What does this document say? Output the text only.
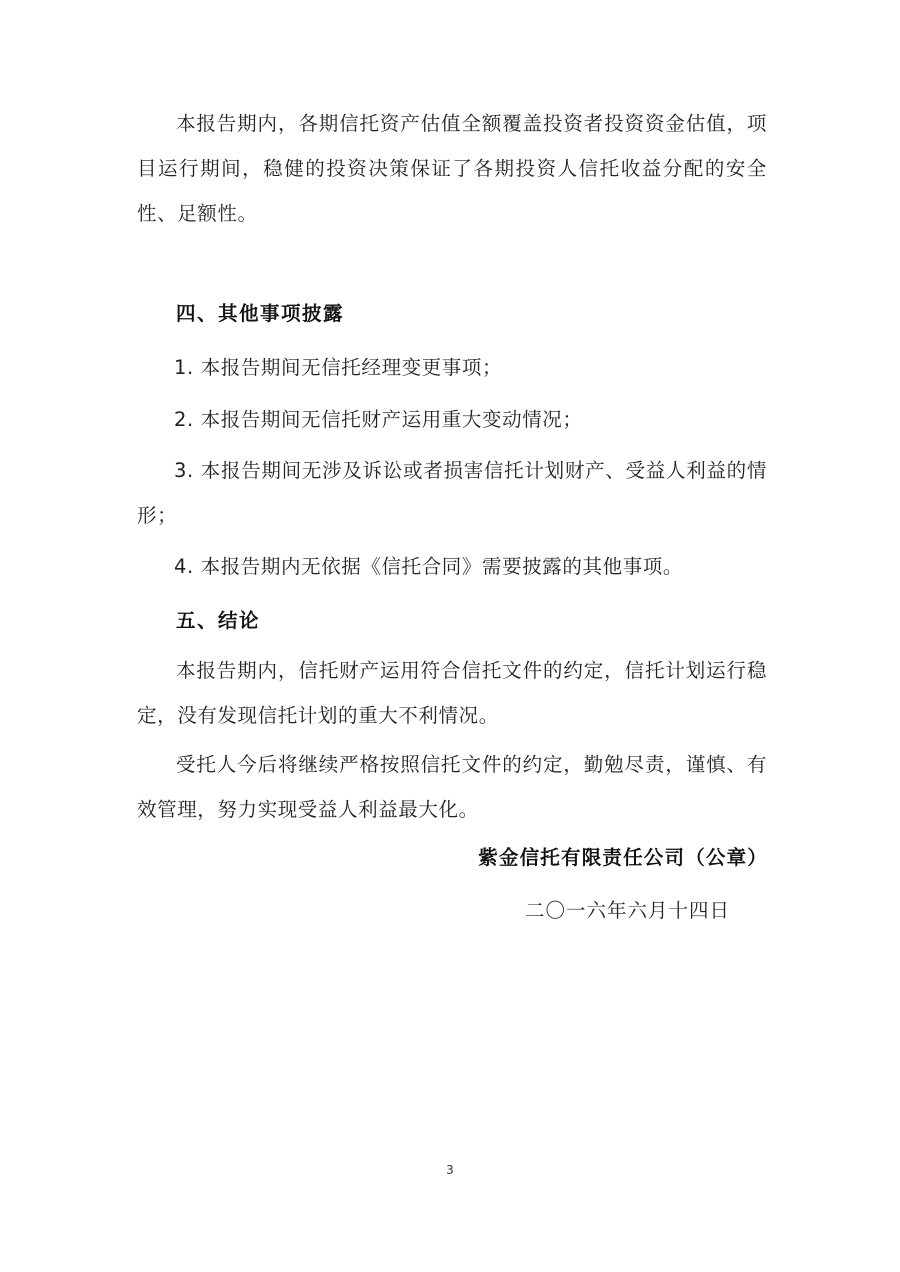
本报告期内，各期信托资产估值全额覆盖投资者投资资金估值，项目运行期间，稳健的投资决策保证了各期投资人信托收益分配的安全性、足额性。

四、其他事项披露

1. 本报告期间无信托经理变更事项；

2. 本报告期间无信托财产运用重大变动情况；

3. 本报告期间无涉及诉讼或者损害信托计划财产、受益人利益的情形；

4. 本报告期内无依据《信托合同》需要披露的其他事项。

五、结论

本报告期内，信托财产运用符合信托文件的约定，信托计划运行稳定，没有发现信托计划的重大不利情况。

受托人今后将继续严格按照信托文件的约定，勤勉尽责，谨慎、有效管理，努力实现受益人利益最大化。

紫金信托有限责任公司（公章）

二〇一六年六月十四日

3
